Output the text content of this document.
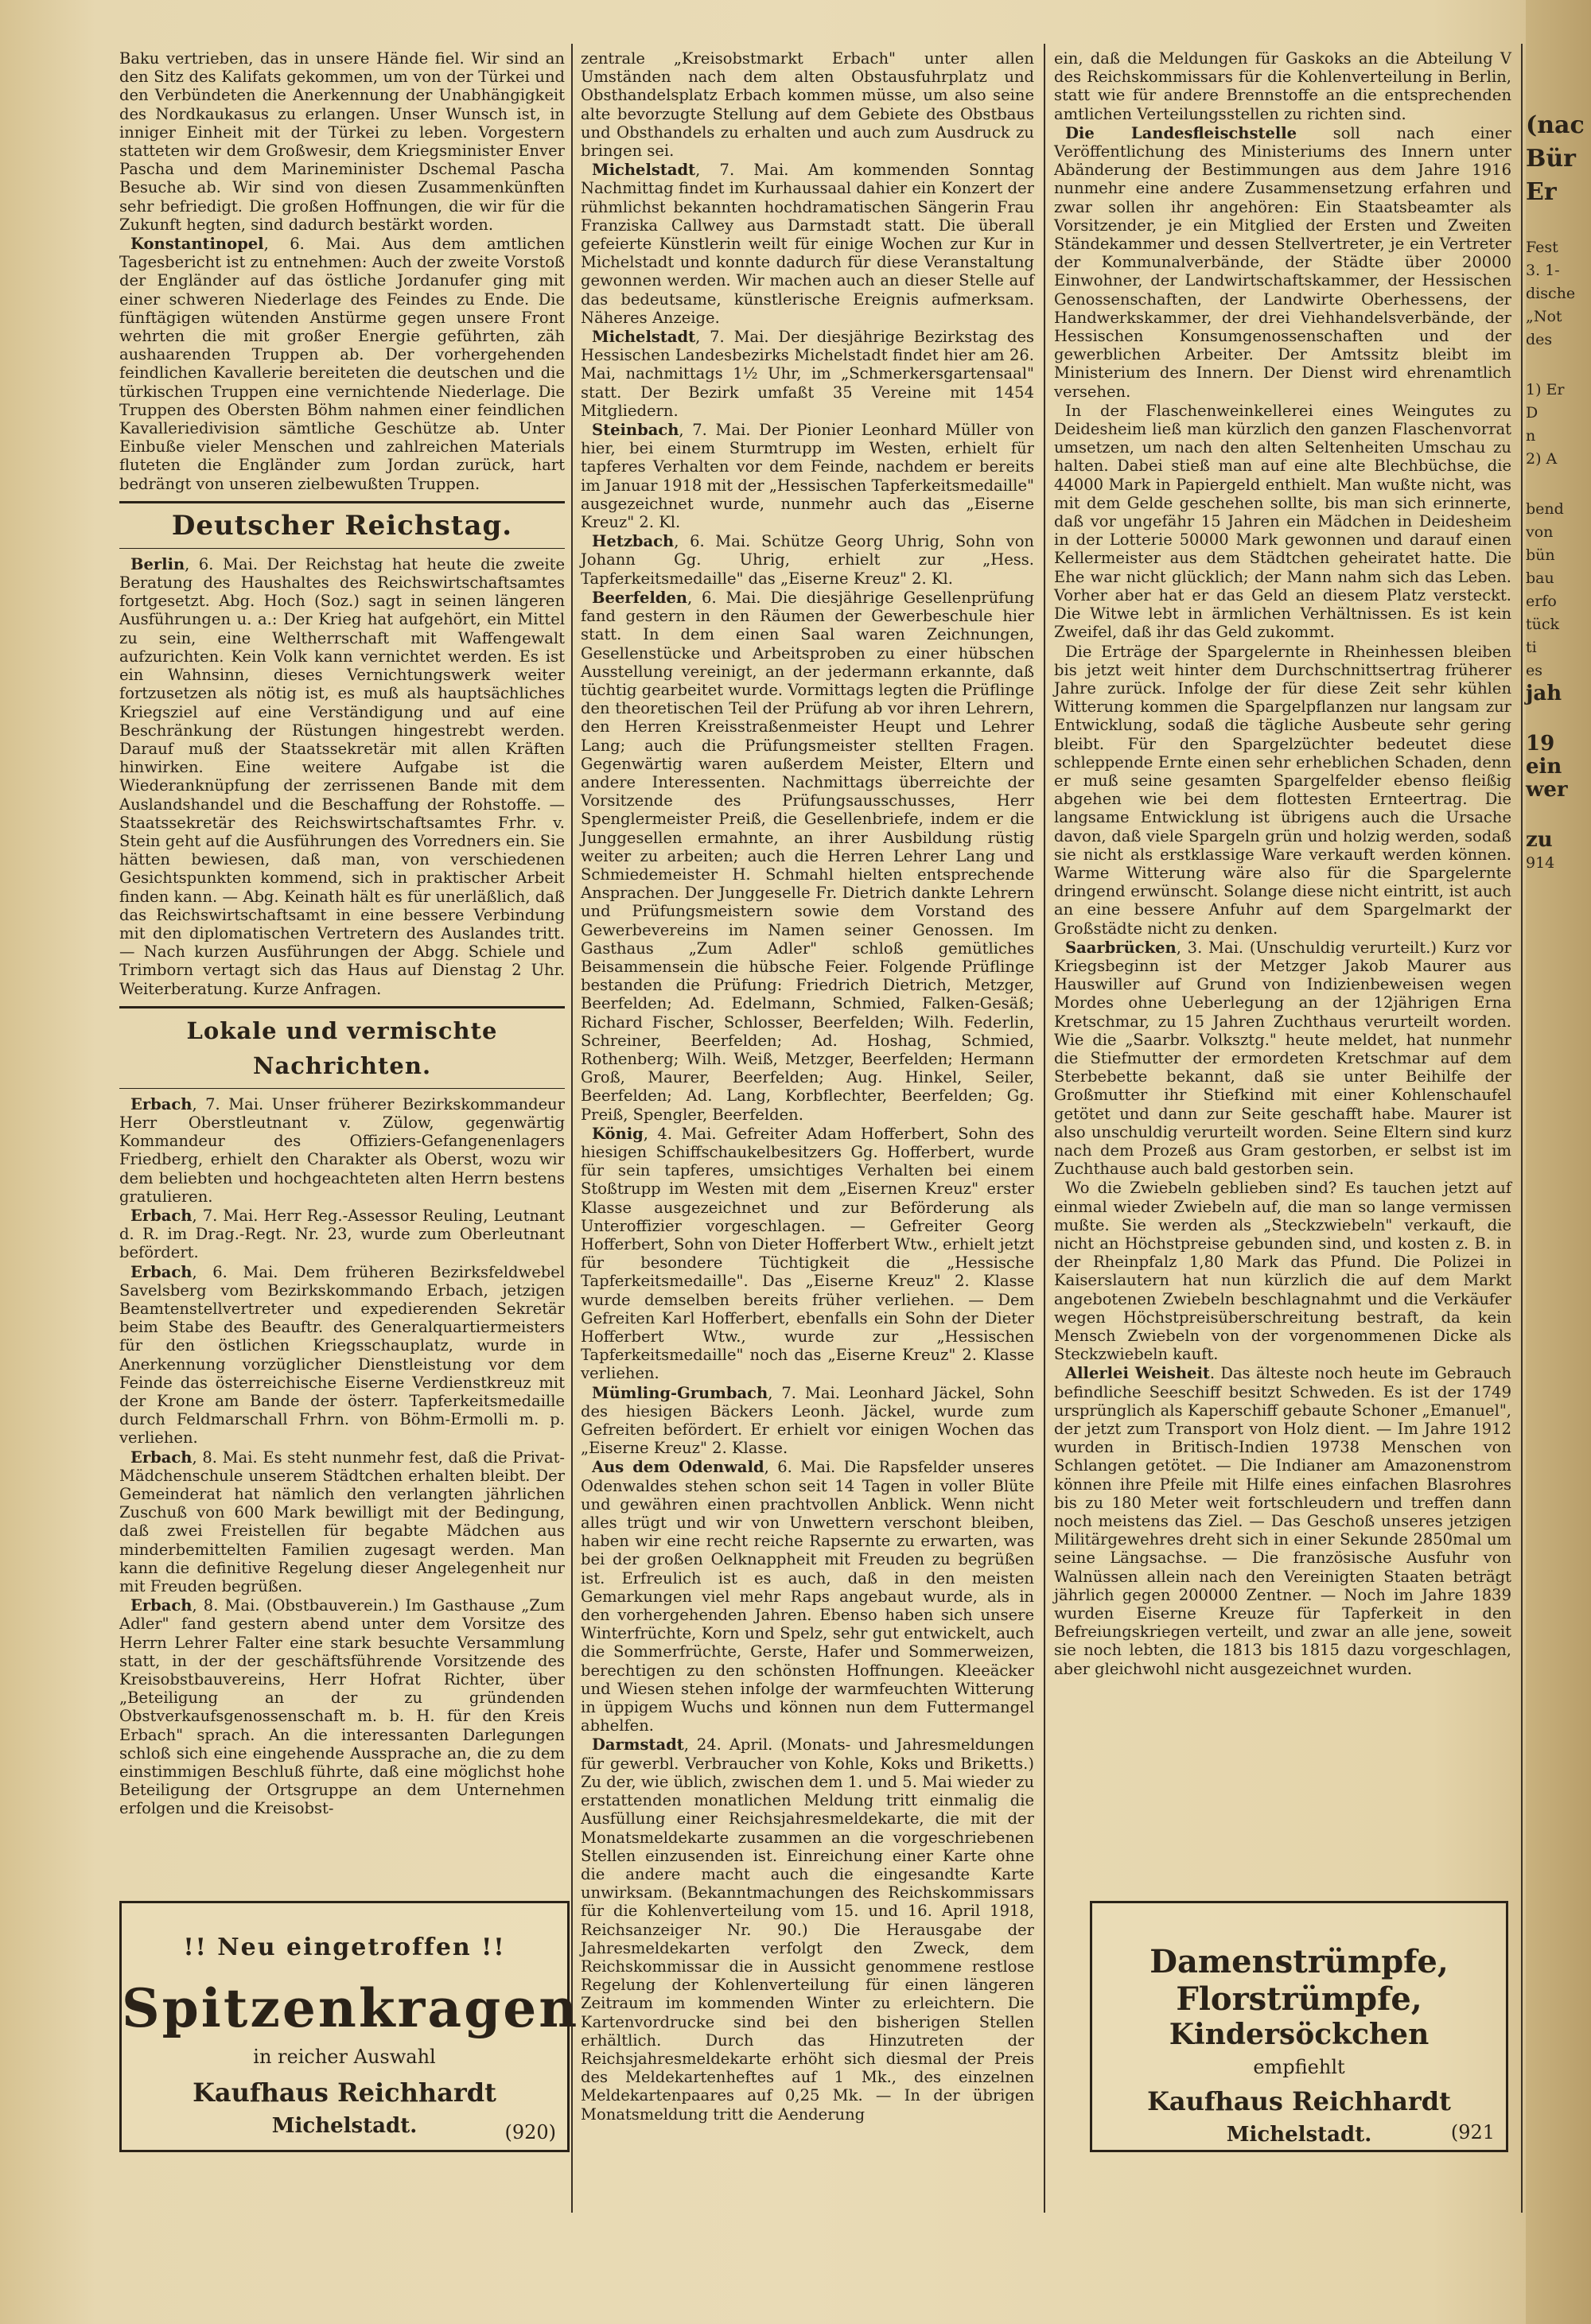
Baku vertrieben, das in unsere Hände fiel. Wir sind an den Sitz des Kalifats gekommen, um von der Türkei und den Verbündeten die Anerkennung der Unabhängigkeit des Nordkaukasus zu erlangen. Unser Wunsch ist, in inniger Einheit mit der Türkei zu leben. Vorgestern statteten wir dem Großwesir, dem Kriegsminister Enver Pascha und dem Marineminister Dschemal Pascha Besuche ab. Wir sind von diesen Zusammenkünften sehr befriedigt. Die großen Hoffnungen, die wir für die Zukunft hegten, sind dadurch bestärkt worden.

Konstantinopel, 6. Mai. Aus dem amtlichen Tagesbericht ist zu entnehmen: Auch der zweite Vorstoß der Engländer auf das östliche Jordanufer ging mit einer schweren Niederlage des Feindes zu Ende. Die fünftägigen wütenden Anstürme gegen unsere Front wehrten die mit großer Energie geführten, zäh aushaarenden Truppen ab. Der vorhergehenden feindlichen Kavallerie bereiteten die deutschen und die türkischen Truppen eine vernichtende Niederlage. Die Truppen des Obersten Böhm nahmen einer feindlichen Kavalleriedivision sämtliche Geschütze ab. Unter Einbuße vieler Menschen und zahlreichen Materials fluteten die Engländer zum Jordan zurück, hart bedrängt von unseren zielbewußten Truppen.

Deutscher Reichstag.

Berlin, 6. Mai. Der Reichstag hat heute die zweite Beratung des Haushaltes des Reichswirtschaftsamtes fortgesetzt. Abg. Hoch (Soz.) sagt in seinen längeren Ausführungen u. a.: Der Krieg hat aufgehört, ein Mittel zu sein, eine Weltherrschaft mit Waffengewalt aufzurichten. Kein Volk kann vernichtet werden. Es ist ein Wahnsinn, dieses Vernichtungswerk weiter fortzusetzen als nötig ist, es muß als hauptsächliches Kriegsziel auf eine Verständigung und auf eine Beschränkung der Rüstungen hingestrebt werden. Darauf muß der Staatssekretär mit allen Kräften hinwirken. Eine weitere Aufgabe ist die Wiederanknüpfung der zerrissenen Bande mit dem Auslandshandel und die Beschaffung der Rohstoffe. — Staatssekretär des Reichswirtschaftsamtes Frhr. v. Stein geht auf die Ausführungen des Vorredners ein. Sie hätten bewiesen, daß man, von verschiedenen Gesichtspunkten kommend, sich in praktischer Arbeit finden kann. — Abg. Keinath hält es für unerläßlich, daß das Reichswirtschaftsamt in eine bessere Verbindung mit den diplomatischen Vertretern des Auslandes tritt. — Nach kurzen Ausführungen der Abgg. Schiele und Trimborn vertagt sich das Haus auf Dienstag 2 Uhr. Weiterberatung. Kurze Anfragen.

Lokale und vermischte Nachrichten.

Erbach, 7. Mai. Unser früherer Bezirkskommandeur Herr Oberstleutnant v. Zülow, gegenwärtig Kommandeur des Offiziers-Gefangenenlagers Friedberg, erhielt den Charakter als Oberst, wozu wir dem beliebten und hochgeachteten alten Herrn bestens gratulieren.

Erbach, 7. Mai. Herr Reg.-Assessor Reuling, Leutnant d. R. im Drag.-Regt. Nr. 23, wurde zum Oberleutnant befördert.

Erbach, 6. Mai. Dem früheren Bezirksfeldwebel Savelsberg vom Bezirkskommando Erbach, jetzigen Beamtenstellvertreter und expedierenden Sekretär beim Stabe des Beauftr. des Generalquartiermeisters für den östlichen Kriegsschauplatz, wurde in Anerkennung vorzüglicher Dienstleistung vor dem Feinde das österreichische Eiserne Verdienstkreuz mit der Krone am Bande der österr. Tapferkeitsmedaille durch Feldmarschall Frhrn. von Böhm-Ermolli m. p. verliehen.

Erbach, 8. Mai. Es steht nunmehr fest, daß die Privat-Mädchenschule unserem Städtchen erhalten bleibt. Der Gemeinderat hat nämlich den verlangten jährlichen Zuschuß von 600 Mark bewilligt mit der Bedingung, daß zwei Freistellen für begabte Mädchen aus minderbemittelten Familien zugesagt werden. Man kann die definitive Regelung dieser Angelegenheit nur mit Freuden begrüßen.

Erbach, 8. Mai. (Obstbauverein.) Im Gasthause „Zum Adler" fand gestern abend unter dem Vorsitze des Herrn Lehrer Falter eine stark besuchte Versammlung statt, in der der geschäftsführende Vorsitzende des Kreisobstbauvereins, Herr Hofrat Richter, über „Beteiligung an der zu gründenden Obstverkaufsgenossenschaft m. b. H. für den Kreis Erbach" sprach. An die interessanten Darlegungen schloß sich eine eingehende Aussprache an, die zu dem einstimmigen Beschluß führte, daß eine möglichst hohe Beteiligung der Ortsgruppe an dem Unternehmen erfolgen und die Kreisobst-

zentrale „Kreisobstmarkt Erbach" unter allen Umständen nach dem alten Obstausfuhrplatz und Obsthandelsplatz Erbach kommen müsse, um also seine alte bevorzugte Stellung auf dem Gebiete des Obstbaus und Obsthandels zu erhalten und auch zum Ausdruck zu bringen sei.

Michelstadt, 7. Mai. Am kommenden Sonntag Nachmittag findet im Kurhaussaal dahier ein Konzert der rühmlichst bekannten hochdramatischen Sängerin Frau Franziska Callwey aus Darmstadt statt. Die überall gefeierte Künstlerin weilt für einige Wochen zur Kur in Michelstadt und konnte dadurch für diese Veranstaltung gewonnen werden. Wir machen auch an dieser Stelle auf das bedeutsame, künstlerische Ereignis aufmerksam. Näheres Anzeige.

Michelstadt, 7. Mai. Der diesjährige Bezirkstag des Hessischen Landesbezirks Michelstadt findet hier am 26. Mai, nachmittags 1½ Uhr, im „Schmerkersgartensaal" statt. Der Bezirk umfaßt 35 Vereine mit 1454 Mitgliedern.

Steinbach, 7. Mai. Der Pionier Leonhard Müller von hier, bei einem Sturmtrupp im Westen, erhielt für tapferes Verhalten vor dem Feinde, nachdem er bereits im Januar 1918 mit der „Hessischen Tapferkeitsmedaille" ausgezeichnet wurde, nunmehr auch das „Eiserne Kreuz" 2. Kl.

Hetzbach, 6. Mai. Schütze Georg Uhrig, Sohn von Johann Gg. Uhrig, erhielt zur „Hess. Tapferkeitsmedaille" das „Eiserne Kreuz" 2. Kl.

Beerfelden, 6. Mai. Die diesjährige Gesellenprüfung fand gestern in den Räumen der Gewerbeschule hier statt. In dem einen Saal waren Zeichnungen, Gesellenstücke und Arbeitsproben zu einer hübschen Ausstellung vereinigt, an der jedermann erkannte, daß tüchtig gearbeitet wurde. Vormittags legten die Prüflinge den theoretischen Teil der Prüfung ab vor ihren Lehrern, den Herren Kreisstraßenmeister Heupt und Lehrer Lang; auch die Prüfungsmeister stellten Fragen. Gegenwärtig waren außerdem Meister, Eltern und andere Interessenten. Nachmittags überreichte der Vorsitzende des Prüfungsausschusses, Herr Spenglermeister Preiß, die Gesellenbriefe, indem er die Junggesellen ermahnte, an ihrer Ausbildung rüstig weiter zu arbeiten; auch die Herren Lehrer Lang und Schmiedemeister H. Schmahl hielten entsprechende Ansprachen. Der Junggeselle Fr. Dietrich dankte Lehrern und Prüfungsmeistern sowie dem Vorstand des Gewerbevereins im Namen seiner Genossen. Im Gasthaus „Zum Adler" schloß gemütliches Beisammensein die hübsche Feier. Folgende Prüflinge bestanden die Prüfung: Friedrich Dietrich, Metzger, Beerfelden; Ad. Edelmann, Schmied, Falken-Gesäß; Richard Fischer, Schlosser, Beerfelden; Wilh. Federlin, Schreiner, Beerfelden; Ad. Hoshag, Schmied, Rothenberg; Wilh. Weiß, Metzger, Beerfelden; Hermann Groß, Maurer, Beerfelden; Aug. Hinkel, Seiler, Beerfelden; Ad. Lang, Korbflechter, Beerfelden; Gg. Preiß, Spengler, Beerfelden.

König, 4. Mai. Gefreiter Adam Hofferbert, Sohn des hiesigen Schiffschaukelbesitzers Gg. Hofferbert, wurde für sein tapferes, umsichtiges Verhalten bei einem Stoßtrupp im Westen mit dem „Eisernen Kreuz" erster Klasse ausgezeichnet und zur Beförderung als Unteroffizier vorgeschlagen. — Gefreiter Georg Hofferbert, Sohn von Dieter Hofferbert Wtw., erhielt jetzt für besondere Tüchtigkeit die „Hessische Tapferkeitsmedaille". Das „Eiserne Kreuz" 2. Klasse wurde demselben bereits früher verliehen. — Dem Gefreiten Karl Hofferbert, ebenfalls ein Sohn der Dieter Hofferbert Wtw., wurde zur „Hessischen Tapferkeitsmedaille" noch das „Eiserne Kreuz" 2. Klasse verliehen.

Mümling-Grumbach, 7. Mai. Leonhard Jäckel, Sohn des hiesigen Bäckers Leonh. Jäckel, wurde zum Gefreiten befördert. Er erhielt vor einigen Wochen das „Eiserne Kreuz" 2. Klasse.

Aus dem Odenwald, 6. Mai. Die Rapsfelder unseres Odenwaldes stehen schon seit 14 Tagen in voller Blüte und gewähren einen prachtvollen Anblick. Wenn nicht alles trügt und wir von Unwettern verschont bleiben, haben wir eine recht reiche Rapsernte zu erwarten, was bei der großen Oelknappheit mit Freuden zu begrüßen ist. Erfreulich ist es auch, daß in den meisten Gemarkungen viel mehr Raps angebaut wurde, als in den vorhergehenden Jahren. Ebenso haben sich unsere Winterfrüchte, Korn und Spelz, sehr gut entwickelt, auch die Sommerfrüchte, Gerste, Hafer und Sommerweizen, berechtigen zu den schönsten Hoffnungen. Kleeäcker und Wiesen stehen infolge der warmfeuchten Witterung in üppigem Wuchs und können nun dem Futtermangel abhelfen.

Darmstadt, 24. April. (Monats- und Jahresmeldungen für gewerbl. Verbraucher von Kohle, Koks und Briketts.) Zu der, wie üblich, zwischen dem 1. und 5. Mai wieder zu erstattenden monatlichen Meldung tritt einmalig die Ausfüllung einer Reichsjahresmeldekarte, die mit der Monatsmeldekarte zusammen an die vorgeschriebenen Stellen einzusenden ist. Einreichung einer Karte ohne die andere macht auch die eingesandte Karte unwirksam. (Bekanntmachungen des Reichskommissars für die Kohlenverteilung vom 15. und 16. April 1918, Reichsanzeiger Nr. 90.) Die Herausgabe der Jahresmeldekarten verfolgt den Zweck, dem Reichskommissar die in Aussicht genommene restlose Regelung der Kohlenverteilung für einen längeren Zeitraum im kommenden Winter zu erleichtern. Die Kartenvordrucke sind bei den bisherigen Stellen erhältlich. Durch das Hinzutreten der Reichsjahresmeldekarte erhöht sich diesmal der Preis des Meldekartenheftes auf 1 Mk., des einzelnen Meldekartenpaares auf 0,25 Mk. — In der übrigen Monatsmeldung tritt die Aenderung

ein, daß die Meldungen für Gaskoks an die Abteilung V des Reichskommissars für die Kohlenverteilung in Berlin, statt wie für andere Brennstoffe an die entsprechenden amtlichen Verteilungsstellen zu richten sind.

Die Landesfleischstelle soll nach einer Veröffentlichung des Ministeriums des Innern unter Abänderung der Bestimmungen aus dem Jahre 1916 nunmehr eine andere Zusammensetzung erfahren und zwar sollen ihr angehören: Ein Staatsbeamter als Vorsitzender, je ein Mitglied der Ersten und Zweiten Ständekammer und dessen Stellvertreter, je ein Vertreter der Kommunalverbände, der Städte über 20000 Einwohner, der Landwirtschaftskammer, der Hessischen Genossenschaften, der Landwirte Oberhessens, der Handwerkskammer, der drei Viehhandelsverbände, der Hessischen Konsumgenossenschaften und der gewerblichen Arbeiter. Der Amtssitz bleibt im Ministerium des Innern. Der Dienst wird ehrenamtlich versehen.

In der Flaschenweinkellerei eines Weingutes zu Deidesheim ließ man kürzlich den ganzen Flaschenvorrat umsetzen, um nach den alten Seltenheiten Umschau zu halten. Dabei stieß man auf eine alte Blechbüchse, die 44000 Mark in Papiergeld enthielt. Man wußte nicht, was mit dem Gelde geschehen sollte, bis man sich erinnerte, daß vor ungefähr 15 Jahren ein Mädchen in Deidesheim in der Lotterie 50000 Mark gewonnen und darauf einen Kellermeister aus dem Städtchen geheiratet hatte. Die Ehe war nicht glücklich; der Mann nahm sich das Leben. Vorher aber hat er das Geld an diesem Platz versteckt. Die Witwe lebt in ärmlichen Verhältnissen. Es ist kein Zweifel, daß ihr das Geld zukommt.

Die Erträge der Spargelernte in Rheinhessen bleiben bis jetzt weit hinter dem Durchschnittsertrag früherer Jahre zurück. Infolge der für diese Zeit sehr kühlen Witterung kommen die Spargelpflanzen nur langsam zur Entwicklung, sodaß die tägliche Ausbeute sehr gering bleibt. Für den Spargelzüchter bedeutet diese schleppende Ernte einen sehr erheblichen Schaden, denn er muß seine gesamten Spargelfelder ebenso fleißig abgehen wie bei dem flottesten Ernteertrag. Die langsame Entwicklung ist übrigens auch die Ursache davon, daß viele Spargeln grün und holzig werden, sodaß sie nicht als erstklassige Ware verkauft werden können. Warme Witterung wäre also für die Spargelernte dringend erwünscht. Solange diese nicht eintritt, ist auch an eine bessere Anfuhr auf dem Spargelmarkt der Großstädte nicht zu denken.

Saarbrücken, 3. Mai. (Unschuldig verurteilt.) Kurz vor Kriegsbeginn ist der Metzger Jakob Maurer aus Hauswiller auf Grund von Indizienbeweisen wegen Mordes ohne Ueberlegung an der 12jährigen Erna Kretschmar, zu 15 Jahren Zuchthaus verurteilt worden. Wie die „Saarbr. Volksztg." heute meldet, hat nunmehr die Stiefmutter der ermordeten Kretschmar auf dem Sterbebette bekannt, daß sie unter Beihilfe der Großmutter ihr Stiefkind mit einer Kohlenschaufel getötet und dann zur Seite geschafft habe. Maurer ist also unschuldig verurteilt worden. Seine Eltern sind kurz nach dem Prozeß aus Gram gestorben, er selbst ist im Zuchthause auch bald gestorben sein.

Wo die Zwiebeln geblieben sind? Es tauchen jetzt auf einmal wieder Zwiebeln auf, die man so lange vermissen mußte. Sie werden als „Steckzwiebeln" verkauft, die nicht an Höchstpreise gebunden sind, und kosten z. B. in der Rheinpfalz 1,80 Mark das Pfund. Die Polizei in Kaiserslautern hat nun kürzlich die auf dem Markt angebotenen Zwiebeln beschlagnahmt und die Verkäufer wegen Höchstpreisüberschreitung bestraft, da kein Mensch Zwiebeln von der vorgenommenen Dicke als Steckzwiebeln kauft.

Allerlei Weisheit. Das älteste noch heute im Gebrauch befindliche Seeschiff besitzt Schweden. Es ist der 1749 ursprünglich als Kaperschiff gebaute Schoner „Emanuel", der jetzt zum Transport von Holz dient. — Im Jahre 1912 wurden in Britisch-Indien 19738 Menschen von Schlangen getötet. — Die Indianer am Amazonenstrom können ihre Pfeile mit Hilfe eines einfachen Blasrohres bis zu 180 Meter weit fortschleudern und treffen dann noch meistens das Ziel. — Das Geschoß unseres jetzigen Militärgewehres dreht sich in einer Sekunde 2850mal um seine Längsachse. — Die französische Ausfuhr von Walnüssen allein nach den Vereinigten Staaten beträgt jährlich gegen 200000 Zentner. — Noch im Jahre 1839 wurden Eiserne Kreuze für Tapferkeit in den Befreiungskriegen verteilt, und zwar an alle jene, soweit sie noch lebten, die 1813 bis 1815 dazu vorgeschlagen, aber gleichwohl nicht ausgezeichnet wurden.

!! Neu eingetroffen !!
Spitzenkragen
in reicher Auswahl
Kaufhaus Reichhardt
Michelstadt.	(920)
Damenstrümpfe,
Florstrümpfe,
Kindersöckchen
empfiehlt
Kaufhaus Reichhardt
Michelstadt.	(921
(nac
Bür
Er
Fest
3. 1-
dische
„Not
des
1) Er
D
n
2) A
bend
von
bün
bau
erfo
tück
ti
es
jah
19
ein
wer
zu
914
